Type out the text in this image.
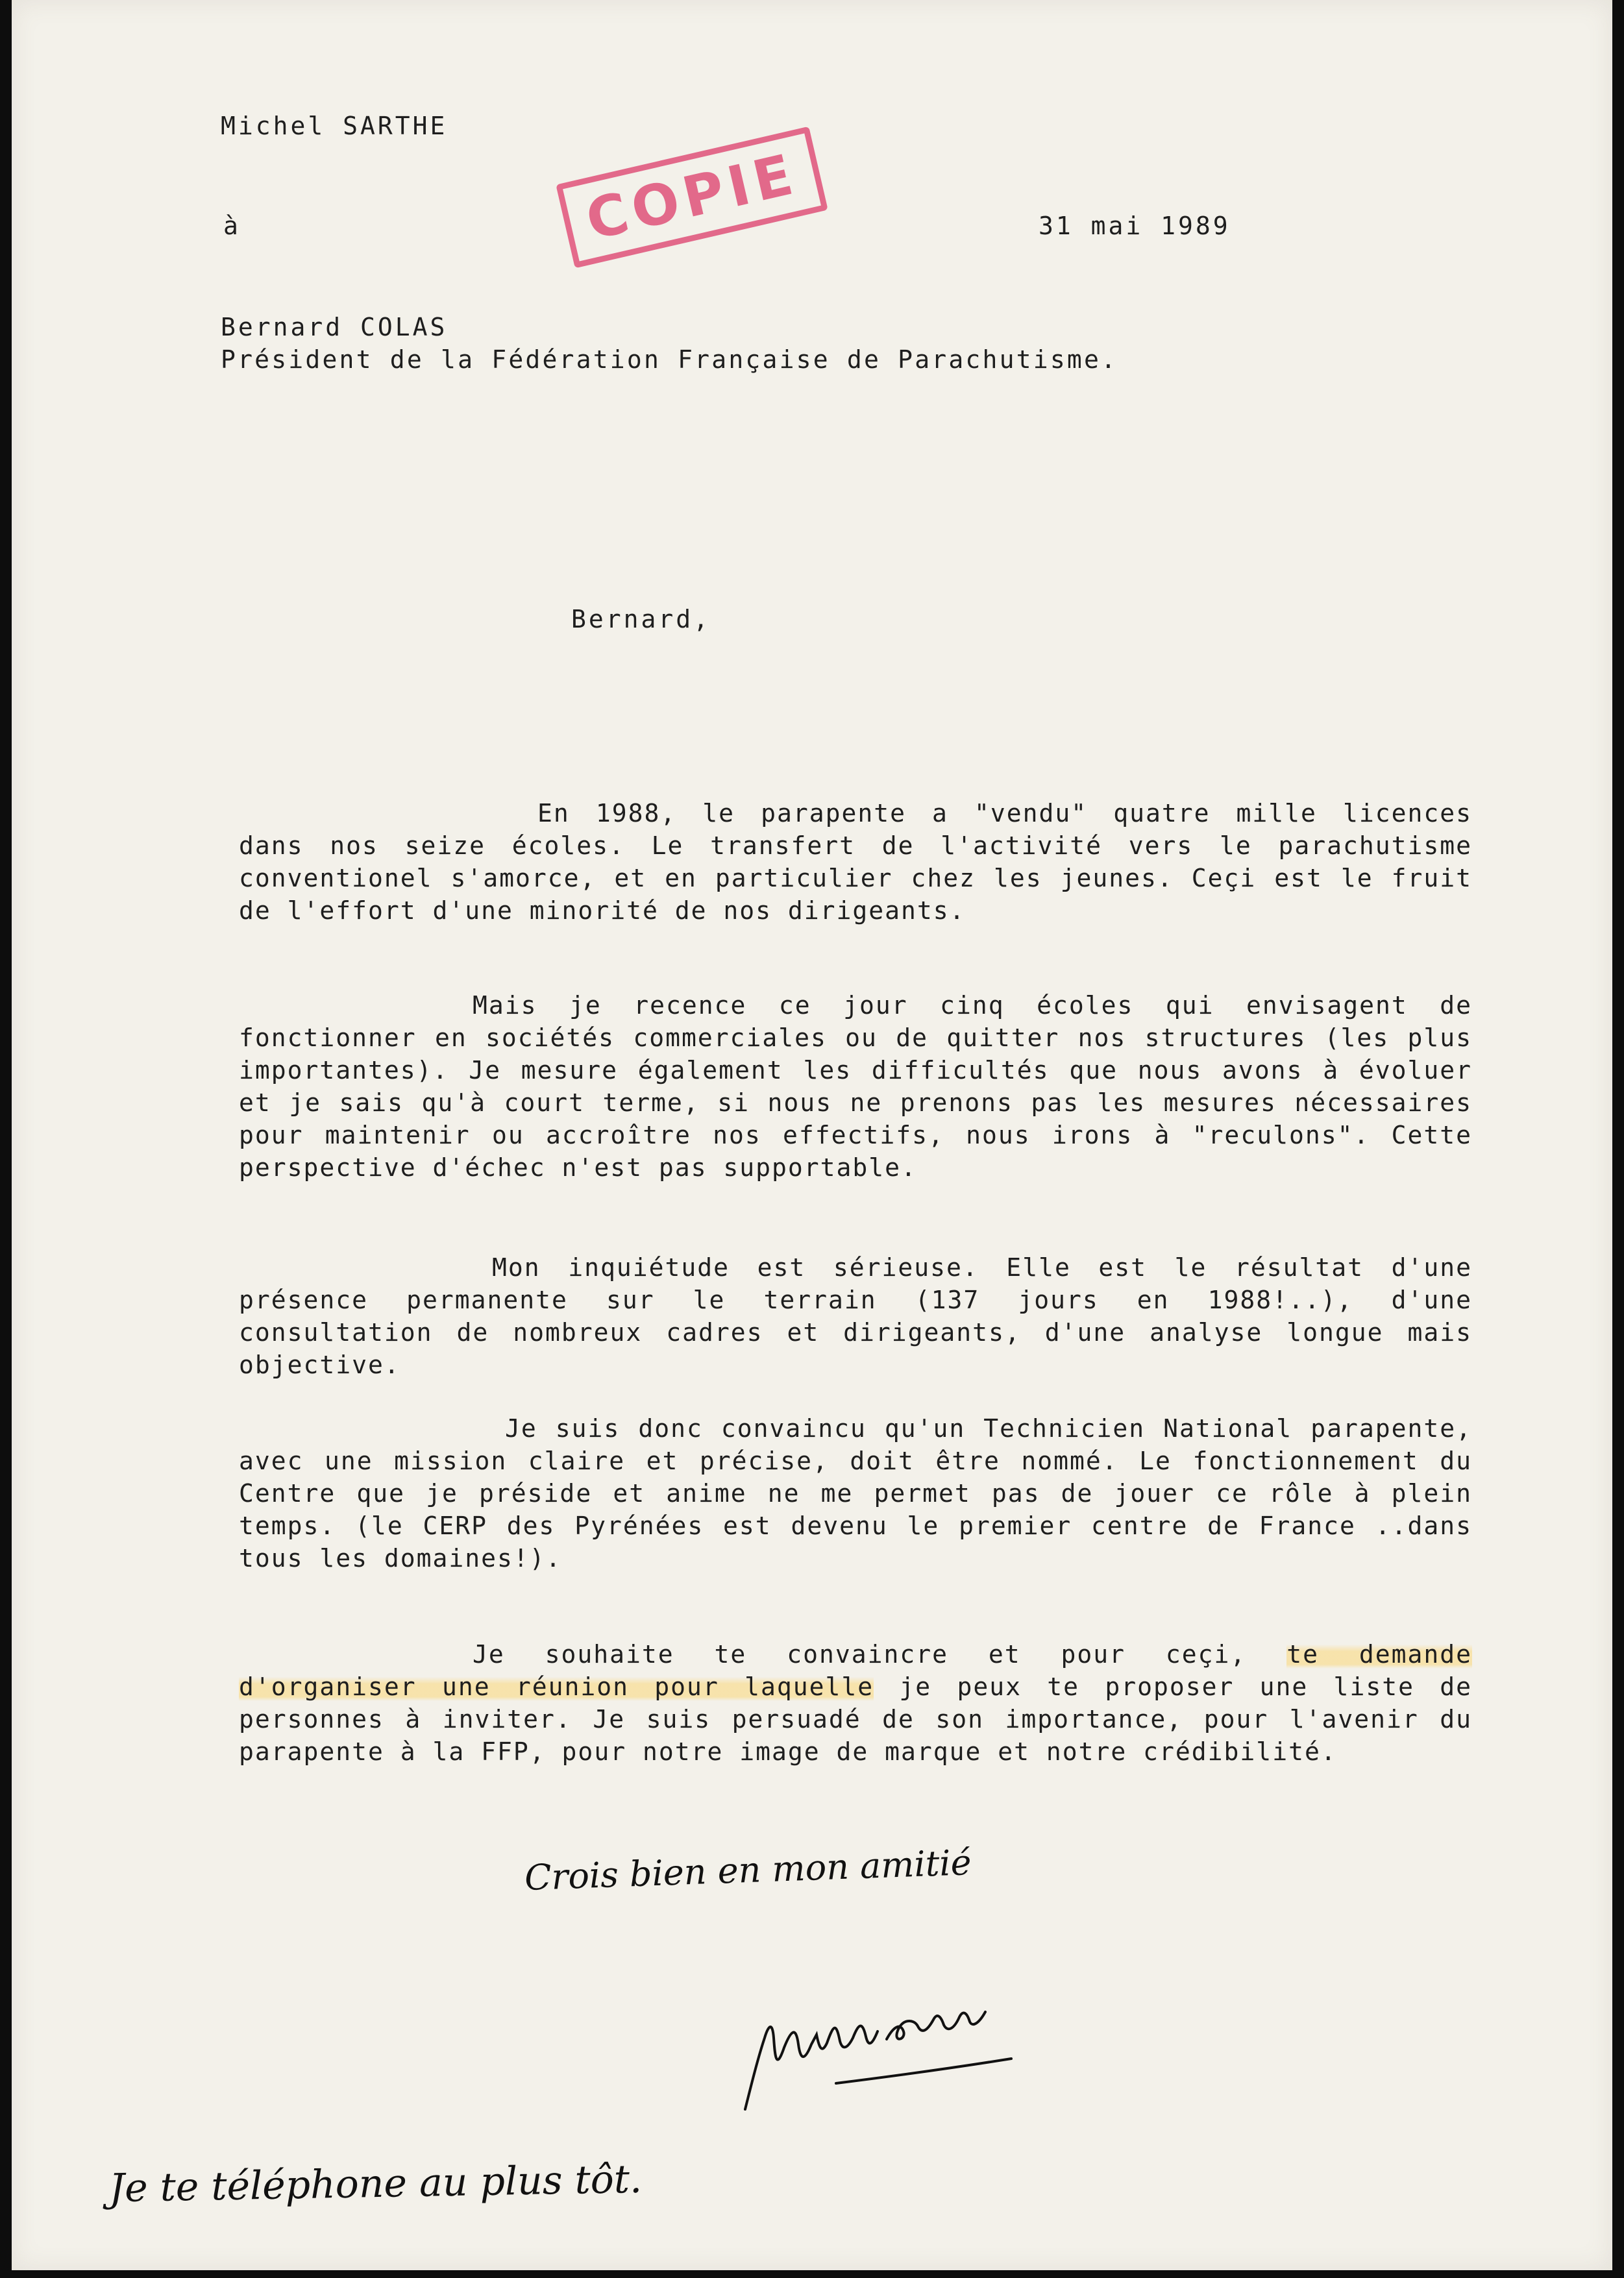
Michel SARTHE
à	COPIE	31 mai 1989
Bernard COLAS
Président de la Fédération Française de Parachutisme.
Bernard,
En 1988, le parapente a "vendu" quatre mille licences dans nos seize écoles. Le transfert de l'activité vers le parachutisme conventionel s'amorce, et en particulier chez les jeunes. Ceçi est le fruit de l'effort d'une minorité de nos dirigeants.
Mais je recence ce jour cinq écoles qui envisagent de fonctionner en sociétés commerciales ou de quitter nos structures (les plus importantes). Je mesure également les difficultés que nous avons à évoluer et je sais qu'à court terme, si nous ne prenons pas les mesures nécessaires pour maintenir ou accroître nos effectifs, nous irons à "reculons". Cette perspective d'échec n'est pas supportable.
Mon inquiétude est sérieuse. Elle est le résultat d'une présence permanente sur le terrain (137 jours en 1988!..), d'une consultation de nombreux cadres et dirigeants, d'une analyse longue mais objective.
Je suis donc convaincu qu'un Technicien National parapente, avec une mission claire et précise, doit être nommé. Le fonctionnement du Centre que je préside et anime ne me permet pas de jouer ce rôle à plein temps. (le CERP des Pyrénées est devenu le premier centre de France ..dans tous les domaines!).
Je souhaite te convaincre et pour ceçi, te demande d'organiser une réunion pour laquelle je peux te proposer une liste de personnes à inviter. Je suis persuadé de son importance, pour l'avenir du parapente à la FFP, pour notre image de marque et notre crédibilité.
Crois bien en mon amitié
Je te téléphone au plus tôt.
